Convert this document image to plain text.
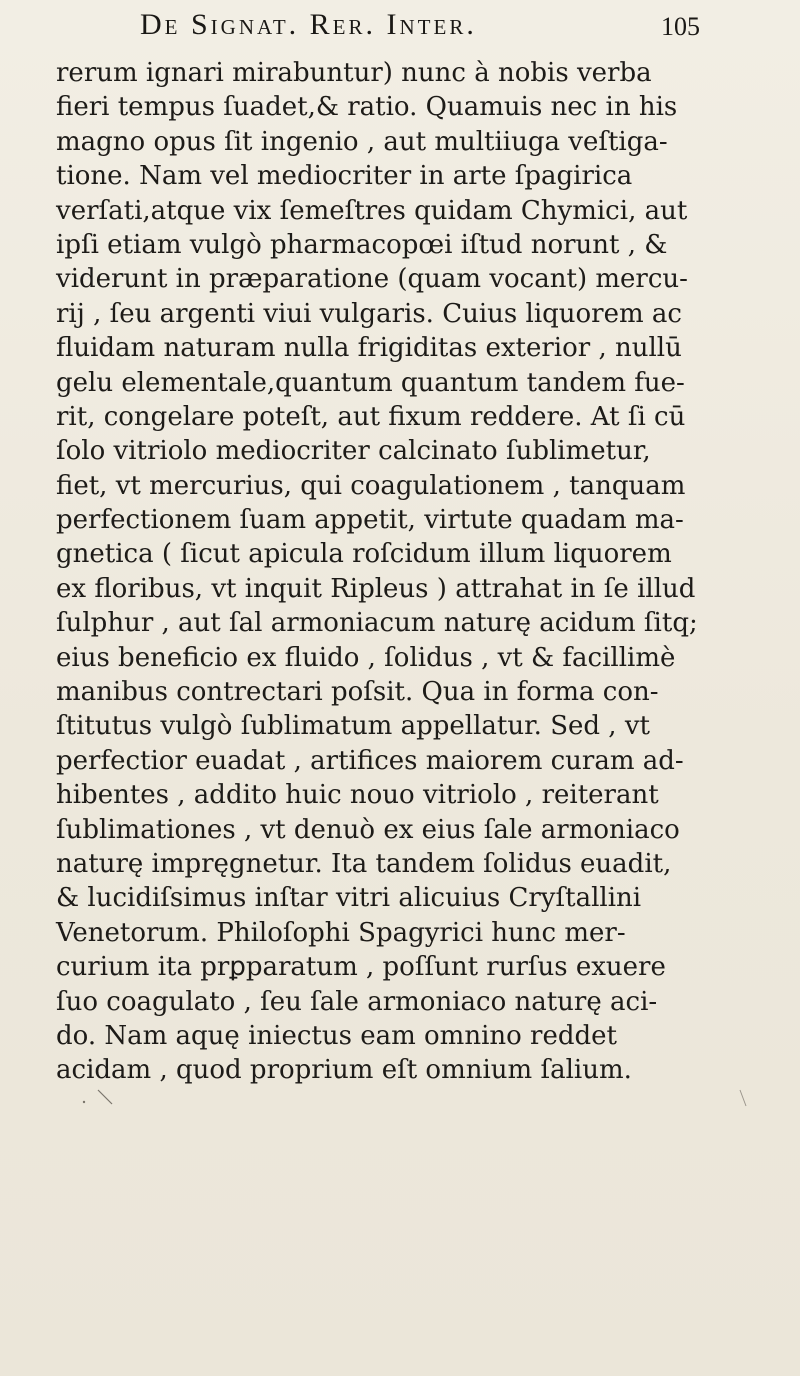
De Signat. Rer. Inter.	105
rerum ignari mirabuntur) nunc à nobis verba
fieri tempus ſuadet,& ratio. Quamuis nec in his
magno opus ſit ingenio , aut multiiuga veſtiga-
tione. Nam vel mediocriter in arte ſpagirica
verſati,atque vix ſemeſtres quidam Chymici, aut
ipſi etiam vulgò pharmacopœi iſtud norunt , &
viderunt in præparatione (quam vocant) mercu-
rij , ſeu argenti viui vulgaris. Cuius liquorem ac
fluidam naturam nulla frigiditas exterior , nullū
gelu elementale,quantum quantum tandem fue-
rit, congelare poteſt, aut fixum reddere. At ſi cū
ſolo vitriolo mediocriter calcinato ſublimetur,
fiet, vt mercurius, qui coagulationem , tanquam
perfectionem ſuam appetit, virtute quadam ma-
gnetica ( ſicut apicula roſcidum illum liquorem
ex floribus, vt inquit Ripleus ) attrahat in ſe illud
ſulphur , aut ſal armoniacum naturę acidum ſitq;
eius beneficio ex fluido , ſolidus , vt & facillimè
manibus contrectari poſsit. Qua in forma con-
ſtitutus vulgò ſublimatum appellatur. Sed , vt
perfectior euadat , artifices maiorem curam ad-
hibentes , addito huic nouo vitriolo , reiterant
ſublimationes , vt denuò ex eius ſale armoniaco
naturę impręgnetur. Ita tandem ſolidus euadit,
& lucidiſsimus inſtar vitri alicuius Cryſtallini
Venetorum. Philoſophi Spagyrici hunc mer-
curium ita prꝑparatum , poſſunt rurſus exuere
ſuo coagulato , ſeu ſale armoniaco naturę aci-
do. Nam aquę iniectus eam omnino reddet
acidam , quod proprium eſt omnium ſalium.
